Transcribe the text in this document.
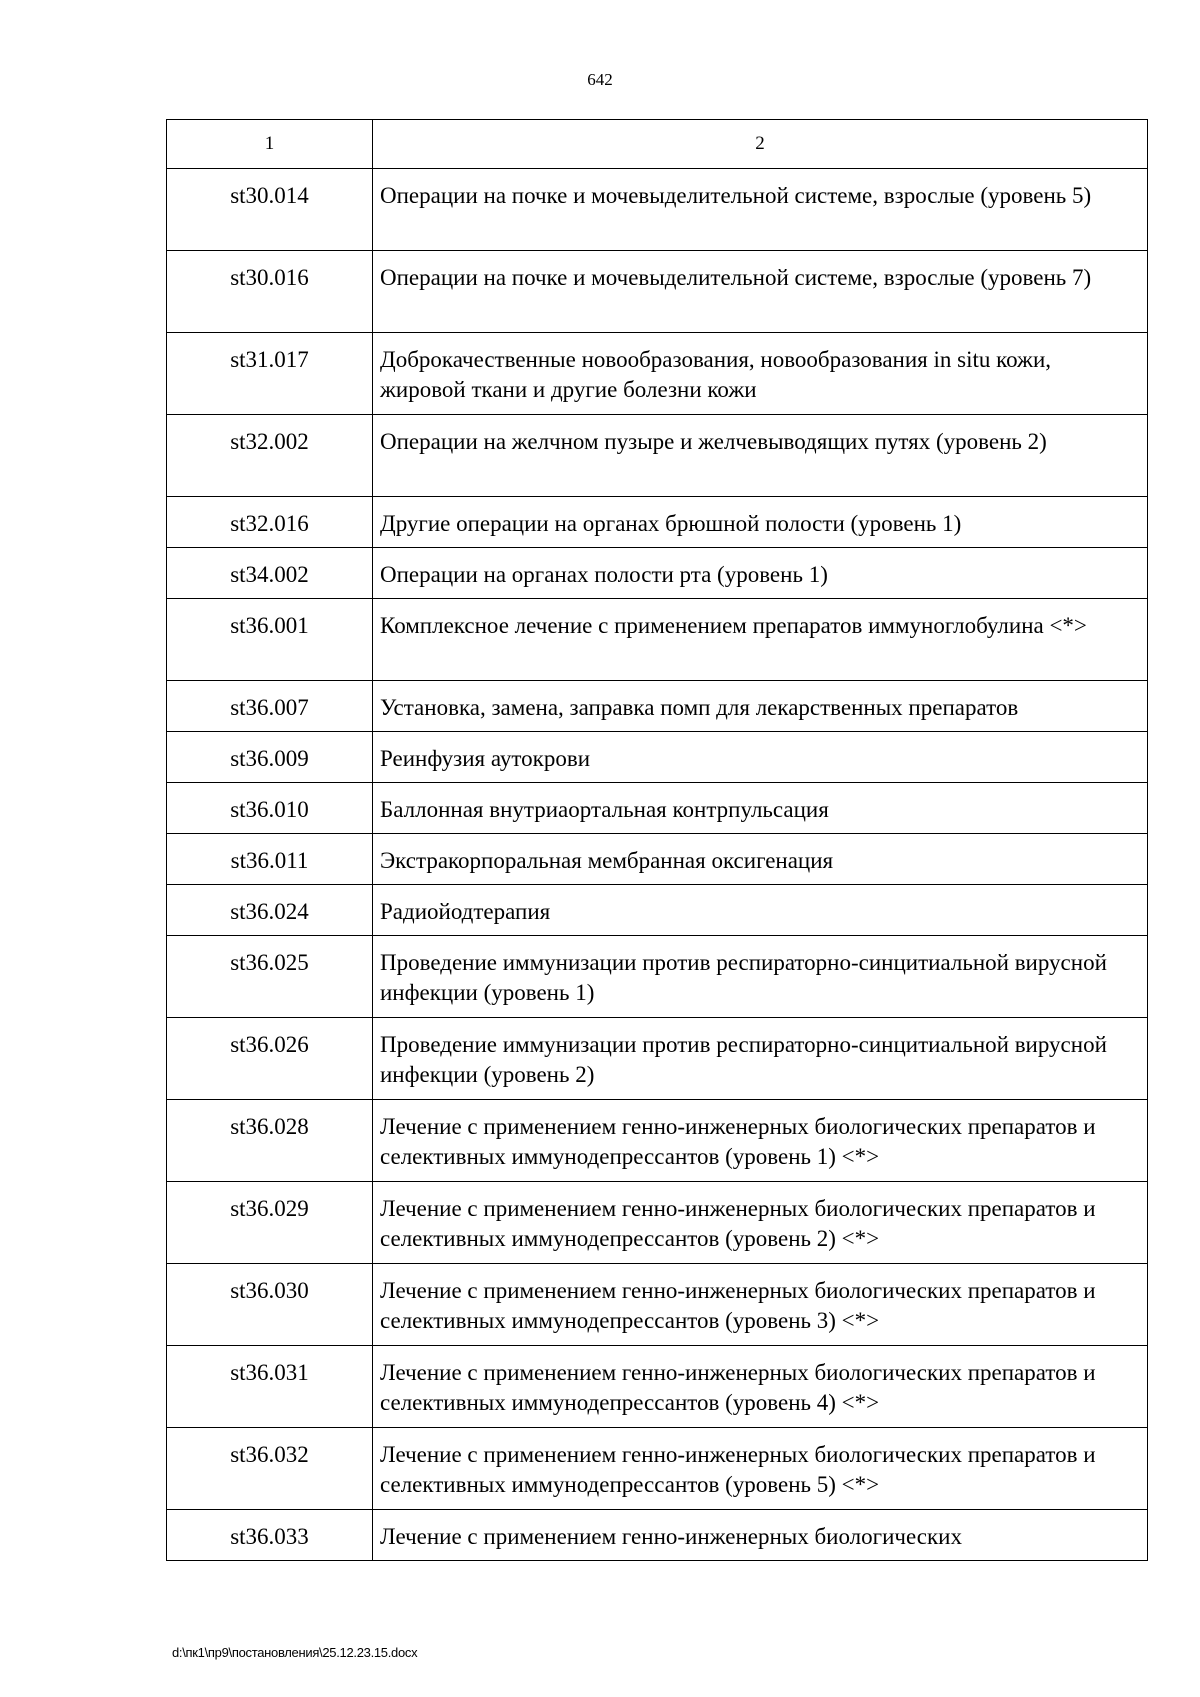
642
1	2
st30.014	Операции на почке и мочевыделительной системе, взрослые (уровень 5)
st30.016	Операции на почке и мочевыделительной системе, взрослые (уровень 7)
st31.017	Доброкачественные новообразования, новообразования in situ кожи, жировой ткани и другие болезни кожи
st32.002	Операции на желчном пузыре и желчевыводящих путях (уровень 2)
st32.016	Другие операции на органах брюшной полости (уровень 1)
st34.002	Операции на органах полости рта (уровень 1)
st36.001	Комплексное лечение с применением препаратов иммуноглобулина <*>
st36.007	Установка, замена, заправка помп для лекарственных препаратов
st36.009	Реинфузия аутокрови
st36.010	Баллонная внутриаортальная контрпульсация
st36.011	Экстракорпоральная мембранная оксигенация
st36.024	Радиойодтерапия
st36.025	Проведение иммунизации против респираторно-синцитиальной вирусной инфекции (уровень 1)
st36.026	Проведение иммунизации против респираторно-синцитиальной вирусной инфекции (уровень 2)
st36.028	Лечение с применением генно-инженерных биологических препаратов и селективных иммунодепрессантов (уровень 1) <*>
st36.029	Лечение с применением генно-инженерных биологических препаратов и селективных иммунодепрессантов (уровень 2) <*>
st36.030	Лечение с применением генно-инженерных биологических препаратов и селективных иммунодепрессантов (уровень 3) <*>
st36.031	Лечение с применением генно-инженерных биологических препаратов и селективных иммунодепрессантов (уровень 4) <*>
st36.032	Лечение с применением генно-инженерных биологических препаратов и селективных иммунодепрессантов (уровень 5) <*>
st36.033	Лечение с применением генно-инженерных биологических
d:\пк1\пр9\постановления\25.12.23.15.docx
